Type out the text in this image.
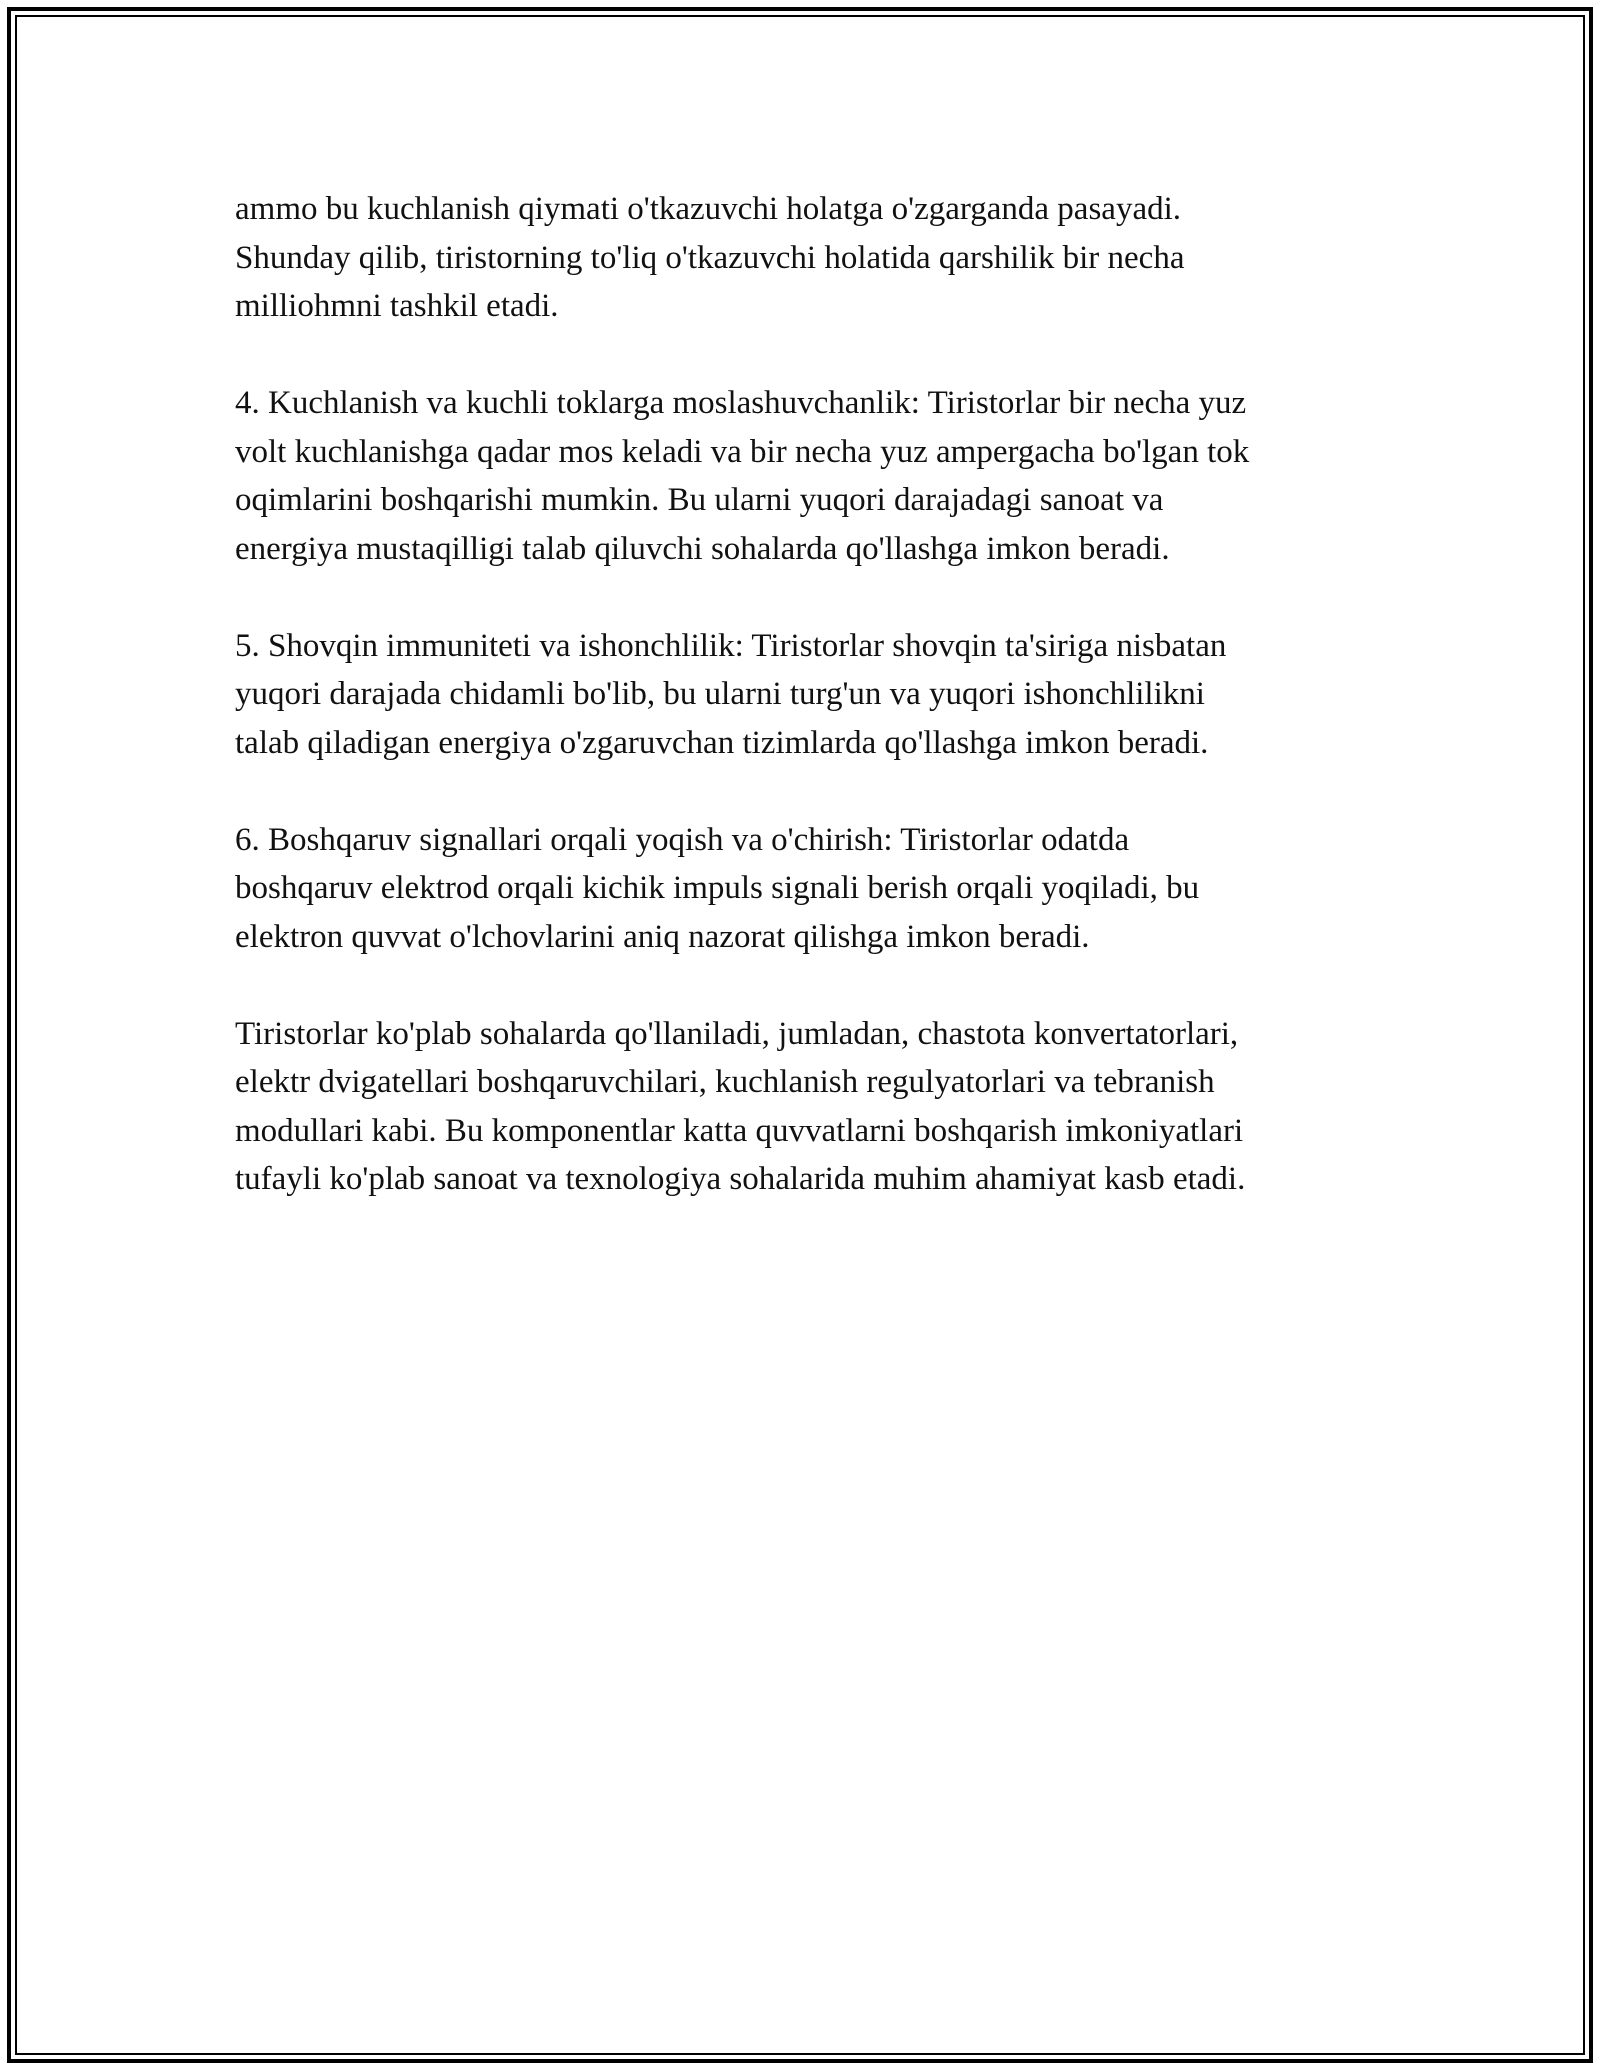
ammo bu kuchlanish qiymati o'tkazuvchi holatga o'zgarganda pasayadi.
Shunday qilib, tiristorning to'liq o'tkazuvchi holatida qarshilik bir necha
milliohmni tashkil etadi.

4. Kuchlanish va kuchli toklarga moslashuvchanlik: Tiristorlar bir necha yuz
volt kuchlanishga qadar mos keladi va bir necha yuz ampergacha bo'lgan tok
oqimlarini boshqarishi mumkin. Bu ularni yuqori darajadagi sanoat va
energiya mustaqilligi talab qiluvchi sohalarda qo'llashga imkon beradi.

5. Shovqin immuniteti va ishonchlilik: Tiristorlar shovqin ta'siriga nisbatan
yuqori darajada chidamli bo'lib, bu ularni turg'un va yuqori ishonchlilikni
talab qiladigan energiya o'zgaruvchan tizimlarda qo'llashga imkon beradi.

6. Boshqaruv signallari orqali yoqish va o'chirish: Tiristorlar odatda
boshqaruv elektrod orqali kichik impuls signali berish orqali yoqiladi, bu
elektron quvvat o'lchovlarini aniq nazorat qilishga imkon beradi.

Tiristorlar ko'plab sohalarda qo'llaniladi, jumladan, chastota konvertatorlari,
elektr dvigatellari boshqaruvchilari, kuchlanish regulyatorlari va tebranish
modullari kabi. Bu komponentlar katta quvvatlarni boshqarish imkoniyatlari
tufayli ko'plab sanoat va texnologiya sohalarida muhim ahamiyat kasb etadi.
